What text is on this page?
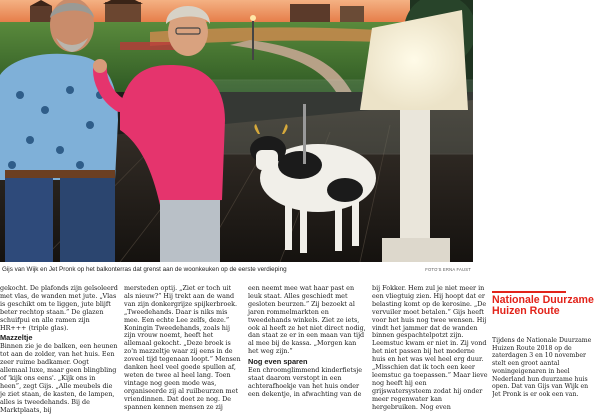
Gijs van Wijk en Jet Pronk op het balkonterras dat grenst aan de woonkeuken op de eerste verdieping	FOTO'S ERNA FAUST

gekocht. De plafonds zijn geïsoleerd met vlas, de wanden met jute. „Vlas is geschikt om te liggen, jute blijft beter rechtop staan.” De glazen schuifpui en alle ramen zijn HR+++ (triple glas).

Mazzeltje

Binnen zie je de balken, een heunen tot aan de zolder, van het huis. Een zeer ruime badkamer. Oogt allemaal luxe, maar geen blingbling of 'kijk ons eens'. „Kijk ons in heen”, zegt Gijs. „Alle meubels die je ziet staan, de kasten, de lampen, alles is tweedehands. Bij de Marktplaats, bij

mersteden optij. „Ziet er toch uit als nieuw?” Hij trekt aan de wand van zijn donkergrijze spijkerbroek. „Tweedehands. Daar is niks mis mee. Een echte Lee zelfs, deze.” Koningin Tweedehands, zoals hij zijn vrouw noemt, heeft het allemaal gekocht. „Deze broek is zo'n mazzeltje waar zij eens in de zoveel tijd tegenaan loopt.” Mensen danken heel veel goede spullen af, weten de twee al heel lang. Toen vintage nog geen mode was, organiseerde zij al ruilbeurzen met vriendinnen. Dat doet ze nog. De spannen kennen mensen ze zij

een neemt mee wat haar past en leuk staat. Alles geschiedt met gesloten beurzen.” Zij bezoekt al jaren rommelmarkten en tweedehands winkels. Ziet ze iets, ook al heeft ze het niet direct nodig, dan staat ze er in een maan van tijd al mee bij de kassa. „Morgen kan het weg zijn.”

Nog even sparen

Een chroomglimmend kinderfietsje staat daarom verstopt in een achterafhoekje van het huis onder een dekentje, in afwachting van de

bij Fokker. Hem zul je niet meer in een vliegtuig zien. Hij hoopt dat er belasting komt op de kerosine. „De vervuiler moet betalen.” Gijs heeft voor het huis nog twee wensen. Hij vindt het jammer dat de wanden binnen gespachtelpotzt zijn. Leemstuc kwam er niet in. Zij vond het niet passen bij het moderne huis en het was wel heel erg duur. „Misschien dat ik toch een keer leemstuc ga toepassen.” Maar lieve nog heeft hij een grijswatersysteem zodat hij onder meer regenwater kan hergebruiken. Nog even

Nationale Duurzame Huizen Route

Tijdens de Nationale Duurzame Huizen Route 2018 op de zaterdagen 3 en 10 november stelt een groot aantal woningeigenaren in heel Nederland hun duurzame huis open. Dat van Gijs van Wijk en Jet Pronk is er ook een van.
